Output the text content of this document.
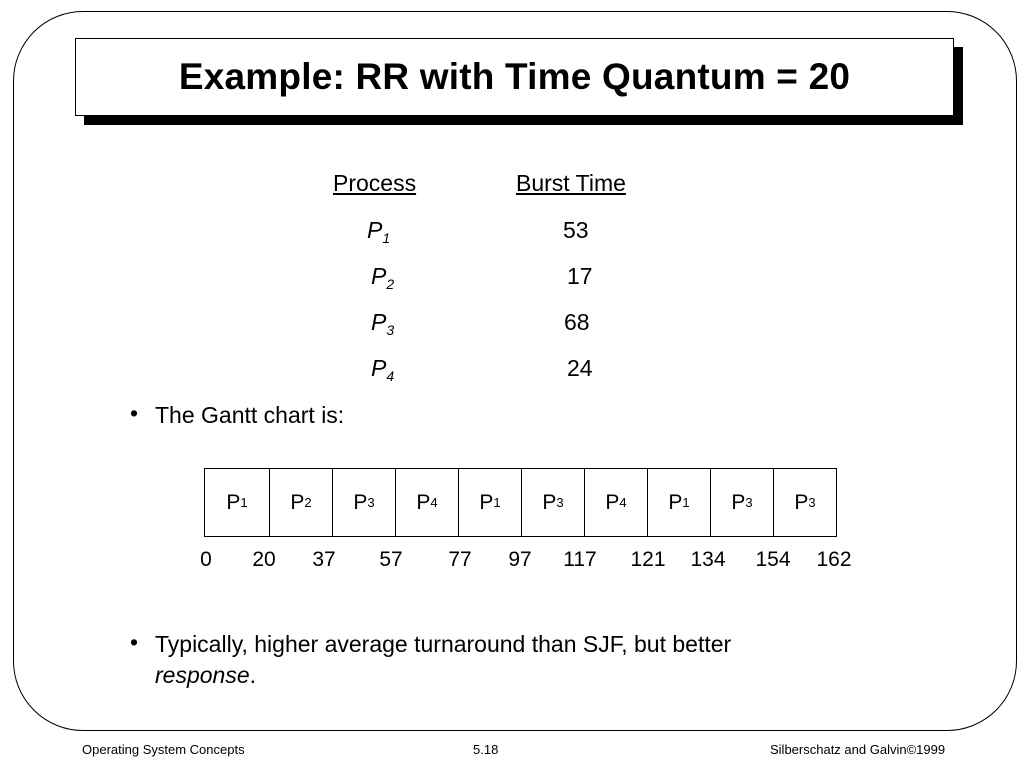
Example: RR with Time Quantum = 20
Process	Burst Time
$P_1$	53
$P_2$	17
$P_3$	68
$P_4$	24
• The Gantt chart is:
P 1 P 2 P 3 P 4 P 1 P 3 P 4 P 1 P 3 P 3
0 20 37 57 77 97 117 121 134 154 162
• Typically, higher average turnaround than SJF, but better
response.
Operating System Concepts	5.18	Silberschatz and Galvin©1999
